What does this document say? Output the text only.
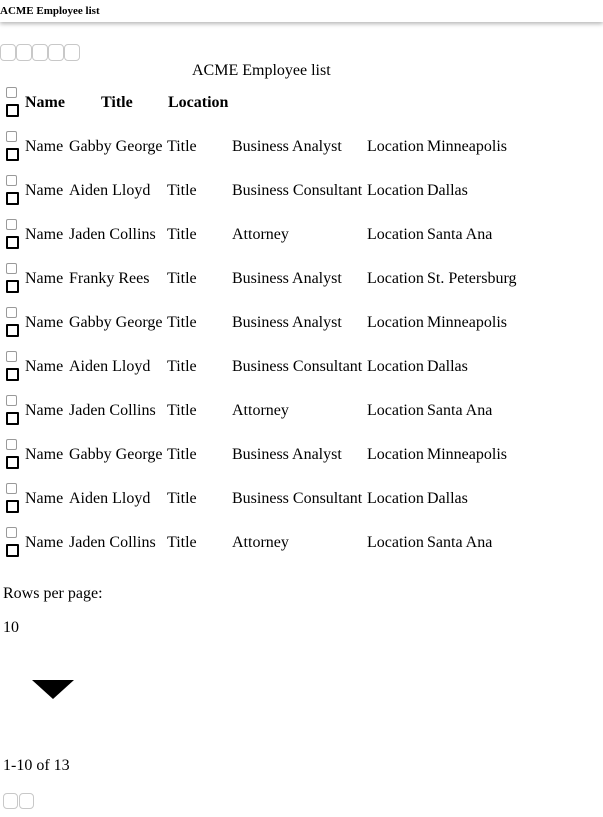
ACME Employee list
ACME Employee list
Name Title Location
Name Gabby George Title Business Analyst Location Minneapolis
Name Aiden Lloyd Title Business Consultant Location Dallas
Name Jaden Collins Title Attorney	Location Santa Ana
Name Franky Rees Title Business Analyst Location St. Petersburg
Name Gabby George Title Business Analyst Location Minneapolis
Name Aiden Lloyd Title Business Consultant Location Dallas
Name Jaden Collins Title Attorney	Location Santa Ana
Name Gabby George Title Business Analyst Location Minneapolis
Name Aiden Lloyd Title Business Consultant Location Dallas
Name Jaden Collins Title Attorney	Location Santa Ana
Rows per page:
10
1-10 of 13
